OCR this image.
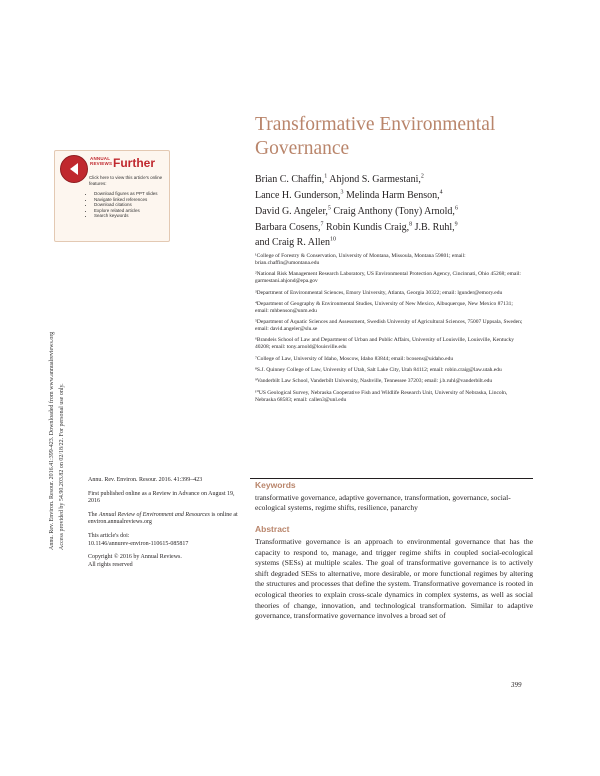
Annu. Rev. Environ. Resour. 2016.41:399-423. Downloaded from www.annualreviews.org Access provided by 54.90.203.82 on 02/18/22. For personal use only.
ANNUAL
REVIEWS Further
Click here to view this article's online features:
• Download figures as PPT slides
• Navigate linked references
• Download citations
• Explore related articles
• Search keywords
Transformative Environmental
Governance
Brian C. Chaffin,$^1$ Ahjond S. Garmestani,$^2$
Lance H. Gunderson,$^3$ Melinda Harm Benson,$^4$
David G. Angeler,$^5$ Craig Anthony (Tony) Arnold,$^6$
Barbara Cosens,$^7$ Robin Kundis Craig,$^8$ J.B. Ruhl,$^9$
and Craig R. Allen$^{10}$
¹College of Forestry & Conservation, University of Montana, Missoula, Montana 59801; email: brian.chaffin@umontana.edu
²National Risk Management Research Laboratory, US Environmental Protection Agency, Cincinnati, Ohio 45268; email: garmestani.ahjond@epa.gov
³Department of Environmental Sciences, Emory University, Atlanta, Georgia 30322; email: lgunder@emory.edu
⁴Department of Geography & Environmental Studies, University of New Mexico, Albuquerque, New Mexico 87131; email: mhbenson@unm.edu
⁵Department of Aquatic Sciences and Assessment, Swedish University of Agricultural Sciences, 75007 Uppsala, Sweden; email: david.angeler@slu.se
⁶Brandeis School of Law and Department of Urban and Public Affairs, University of Louisville, Louisville, Kentucky 40208; email: tony.arnold@louisville.edu
⁷College of Law, University of Idaho, Moscow, Idaho 83844; email: bcosens@uidaho.edu
⁸S.J. Quinney College of Law, University of Utah, Salt Lake City, Utah 84112; email: robin.craig@law.utah.edu
⁹Vanderbilt Law School, Vanderbilt University, Nashville, Tennessee 37203; email: j.b.ruhl@vanderbilt.edu
¹⁰US Geological Survey, Nebraska Cooperative Fish and Wildlife Research Unit, University of Nebraska, Lincoln, Nebraska 68583; email: callen3@unl.edu

Annu. Rev. Environ. Resour. 2016. 41:399–423

First published online as a Review in Advance on August 19, 2016

The Annual Review of Environment and Resources is online at environ.annualreviews.org

This article's doi:
10.1146/annurev-environ-110615-085817

Copyright © 2016 by Annual Reviews.
All rights reserved

Keywords
transformative governance, adaptive governance, transformation, governance, social-ecological systems, regime shifts, resilience, panarchy
Abstract
Transformative governance is an approach to environmental governance that has the capacity to respond to, manage, and trigger regime shifts in coupled social-ecological systems (SESs) at multiple scales. The goal of transformative governance is to actively shift degraded SESs to alternative, more desirable, or more functional regimes by altering the structures and processes that define the system. Transformative governance is rooted in ecological theories to explain cross-scale dynamics in complex systems, as well as social theories of change, innovation, and technological transformation. Similar to adaptive governance, transformative governance involves a broad set of
399
